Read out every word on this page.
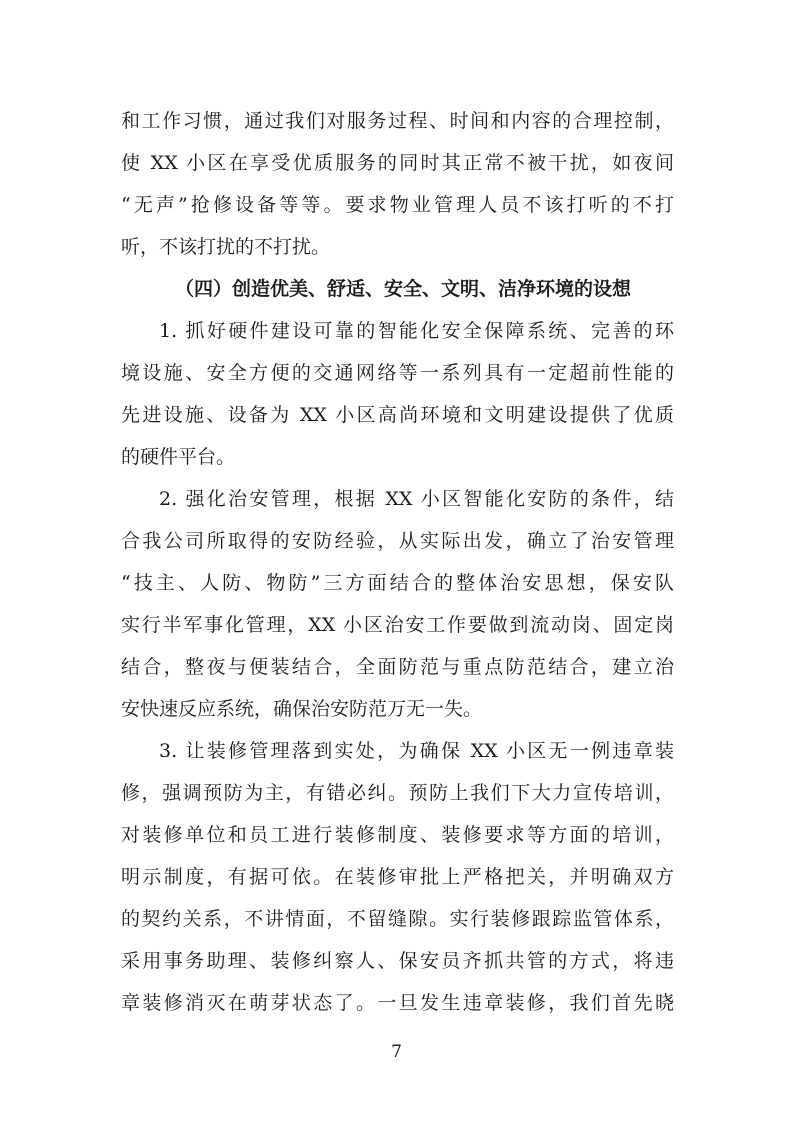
和工作习惯，通过我们对服务过程、时间和内容的合理控制，
使 XX 小区在享受优质服务的同时其正常不被干扰，如夜间
“无声”抢修设备等等。要求物业管理人员不该打听的不打
听，不该打扰的不打扰。
（四）创造优美、舒适、安全、文明、洁净环境的设想
1. 抓好硬件建设可靠的智能化安全保障系统、完善的环
境设施、安全方便的交通网络等一系列具有一定超前性能的
先进设施、设备为 XX 小区高尚环境和文明建设提供了优质
的硬件平台。
2. 强化治安管理，根据 XX 小区智能化安防的条件，结
合我公司所取得的安防经验，从实际出发，确立了治安管理
“技主、人防、物防”三方面结合的整体治安思想，保安队
实行半军事化管理，XX 小区治安工作要做到流动岗、固定岗
结合，整夜与便装结合，全面防范与重点防范结合，建立治
安快速反应系统，确保治安防范万无一失。
3. 让装修管理落到实处，为确保 XX 小区无一例违章装
修，强调预防为主，有错必纠。预防上我们下大力宣传培训，
对装修单位和员工进行装修制度、装修要求等方面的培训，
明示制度，有据可依。在装修审批上严格把关，并明确双方
的契约关系，不讲情面，不留缝隙。实行装修跟踪监管体系，
采用事务助理、装修纠察人、保安员齐抓共管的方式，将违
章装修消灭在萌芽状态了。一旦发生违章装修，我们首先晓
7
